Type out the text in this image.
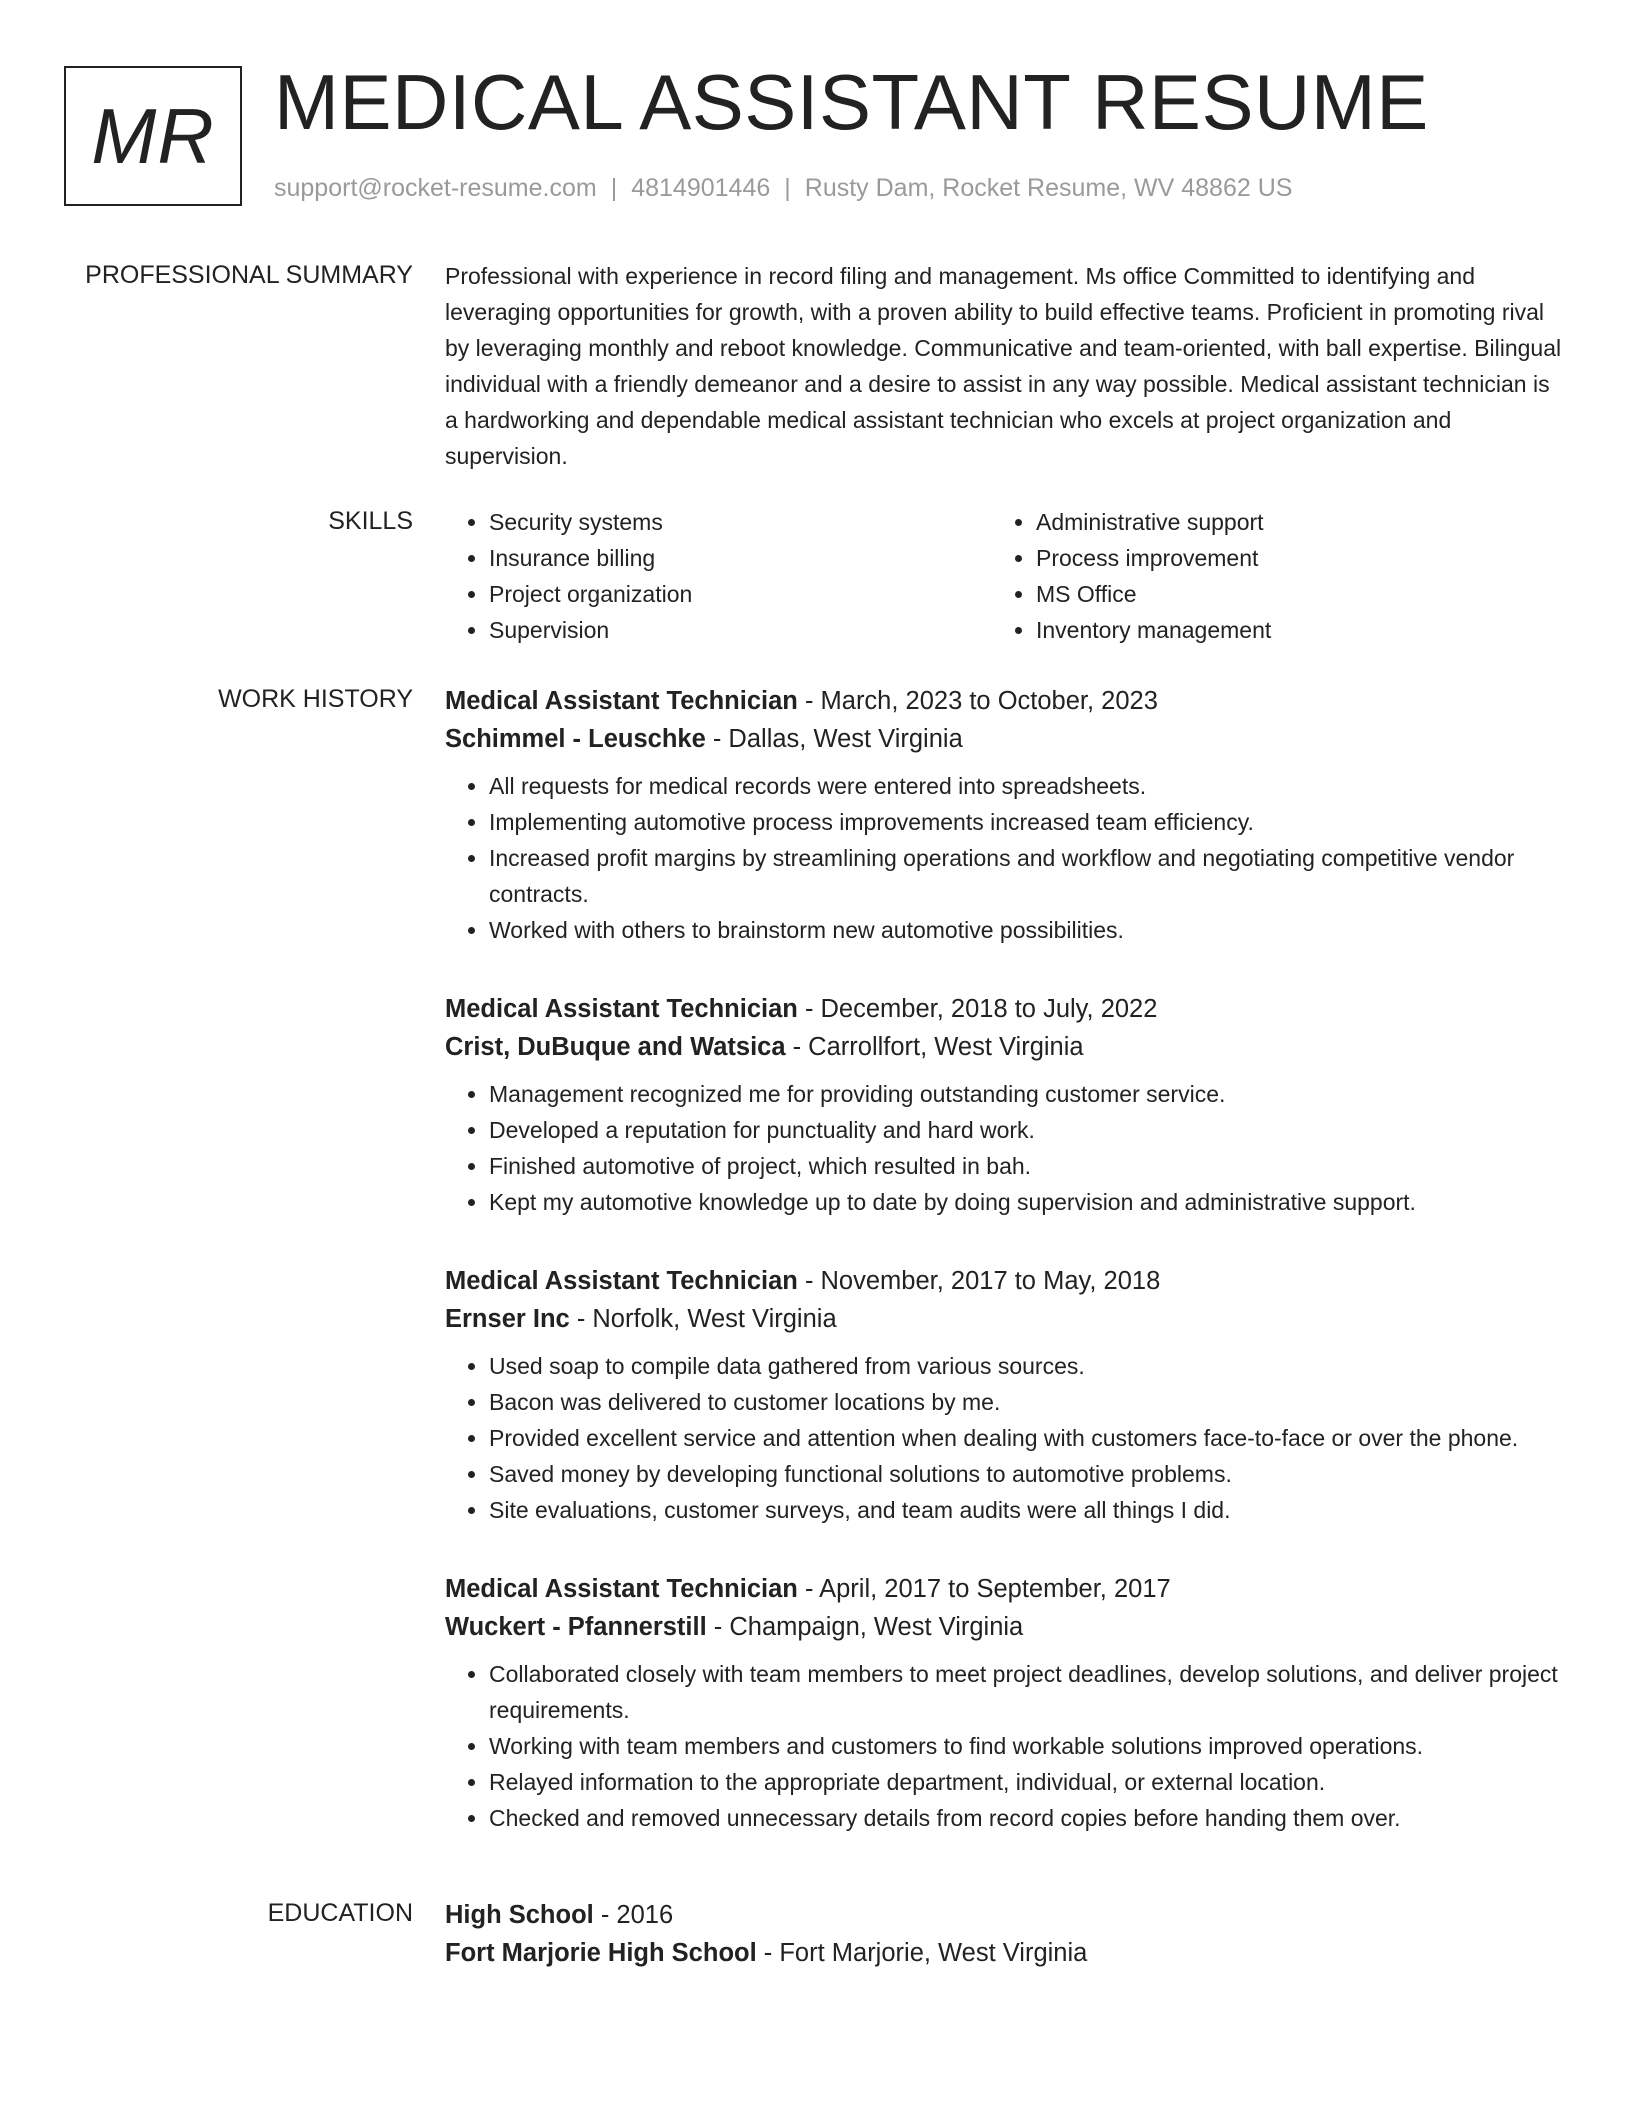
MR MEDICAL ASSISTANT RESUME
support@rocket-resume.com | 4814901446 | Rusty Dam, Rocket Resume, WV 48862 US
PROFESSIONAL SUMMARY Professional with experience in record filing and management. Ms office Committed to identifying and leveraging opportunities for growth, with a proven ability to build effective teams. Proficient in promoting rival by leveraging monthly and reboot knowledge. Communicative and team-oriented, with ball expertise. Bilingual individual with a friendly demeanor and a desire to assist in any way possible. Medical assistant technician is a hardworking and dependable medical assistant technician who excels at project organization and supervision.

SKILLS
•	Security systems
• Insurance billing
• Project organization
• Supervision
• Administrative support
• Process improvement
• MS Office
• Inventory management
WORK HISTORY Medical Assistant Technician - March, 2023 to October, 2023
Schimmel - Leuschke - Dallas, West Virginia
• All requests for medical records were entered into spreadsheets.
• Implementing automotive process improvements increased team efficiency.
• Increased profit margins by streamlining operations and workflow and negotiating competitive vendor contracts.
• Worked with others to brainstorm new automotive possibilities.
Medical Assistant Technician - December, 2018 to July, 2022
Crist, DuBuque and Watsica - Carrollfort, West Virginia
• Management recognized me for providing outstanding customer service.
• Developed a reputation for punctuality and hard work.
• Finished automotive of project, which resulted in bah.
• Kept my automotive knowledge up to date by doing supervision and administrative support.
Medical Assistant Technician - November, 2017 to May, 2018
Ernser Inc - Norfolk, West Virginia
• Used soap to compile data gathered from various sources.
• Bacon was delivered to customer locations by me.
• Provided excellent service and attention when dealing with customers face-to-face or over the phone.
• Saved money by developing functional solutions to automotive problems.
• Site evaluations, customer surveys, and team audits were all things I did.
Medical Assistant Technician - April, 2017 to September, 2017
Wuckert - Pfannerstill - Champaign, West Virginia
• Collaborated closely with team members to meet project deadlines, develop solutions, and deliver project requirements.
• Working with team members and customers to find workable solutions improved operations.
• Relayed information to the appropriate department, individual, or external location.
• Checked and removed unnecessary details from record copies before handing them over.
EDUCATION High School - 2016
Fort Marjorie High School - Fort Marjorie, West Virginia
